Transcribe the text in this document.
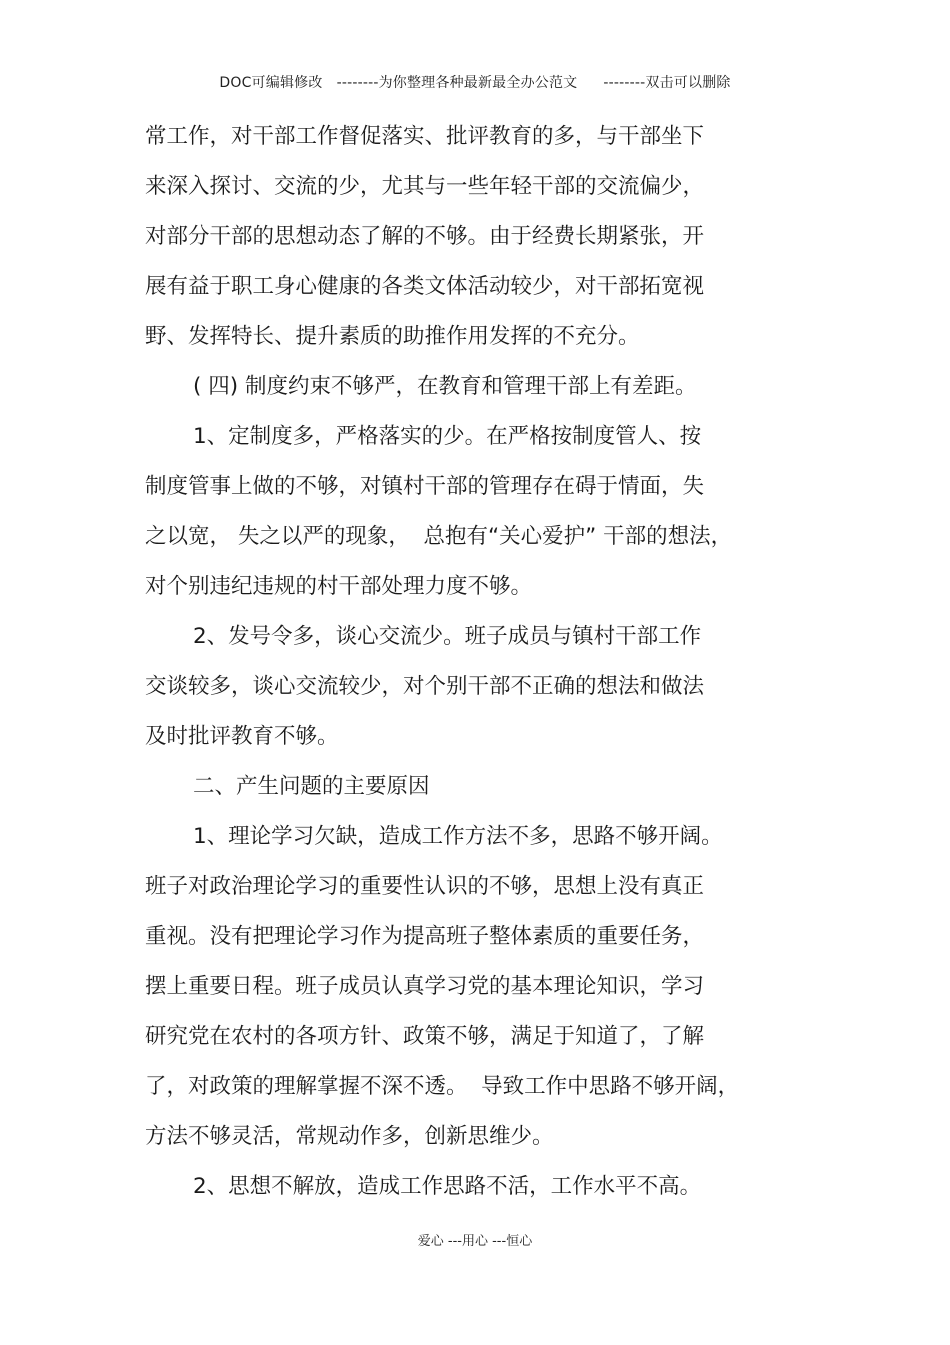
DOC可编辑修改 --------为你整理各种最新最全办公范文 --------双击可以删除
常工作，对干部工作督促落实、批评教育的多，与干部坐下
来深入探讨、交流的少，尤其与一些年轻干部的交流偏少，
对部分干部的思想动态了解的不够。由于经费长期紧张，开
展有益于职工身心健康的各类文体活动较少，对干部拓宽视
野、发挥特长、提升素质的助推作用发挥的不充分。
( 四) 制度约束不够严，在教育和管理干部上有差距。
1、定制度多，严格落实的少。在严格按制度管人、按
制度管事上做的不够，对镇村干部的管理存在碍于情面，失
之以宽， 失之以严的现象，  总抱有“关心爱护” 干部的想法，
对个别违纪违规的村干部处理力度不够。
2、发号令多，谈心交流少。班子成员与镇村干部工作
交谈较多，谈心交流较少，对个别干部不正确的想法和做法
及时批评教育不够。
二、产生问题的主要原因
1、理论学习欠缺，造成工作方法不多，思路不够开阔。
班子对政治理论学习的重要性认识的不够，思想上没有真正
重视。没有把理论学习作为提高班子整体素质的重要任务，
摆上重要日程。班子成员认真学习党的基本理论知识，学习
研究党在农村的各项方针、政策不够，满足于知道了，了解
了，对政策的理解掌握不深不透。  导致工作中思路不够开阔，
方法不够灵活，常规动作多，创新思维少。
2、思想不解放，造成工作思路不活，工作水平不高。
爱心 ---用心 ---恒心
